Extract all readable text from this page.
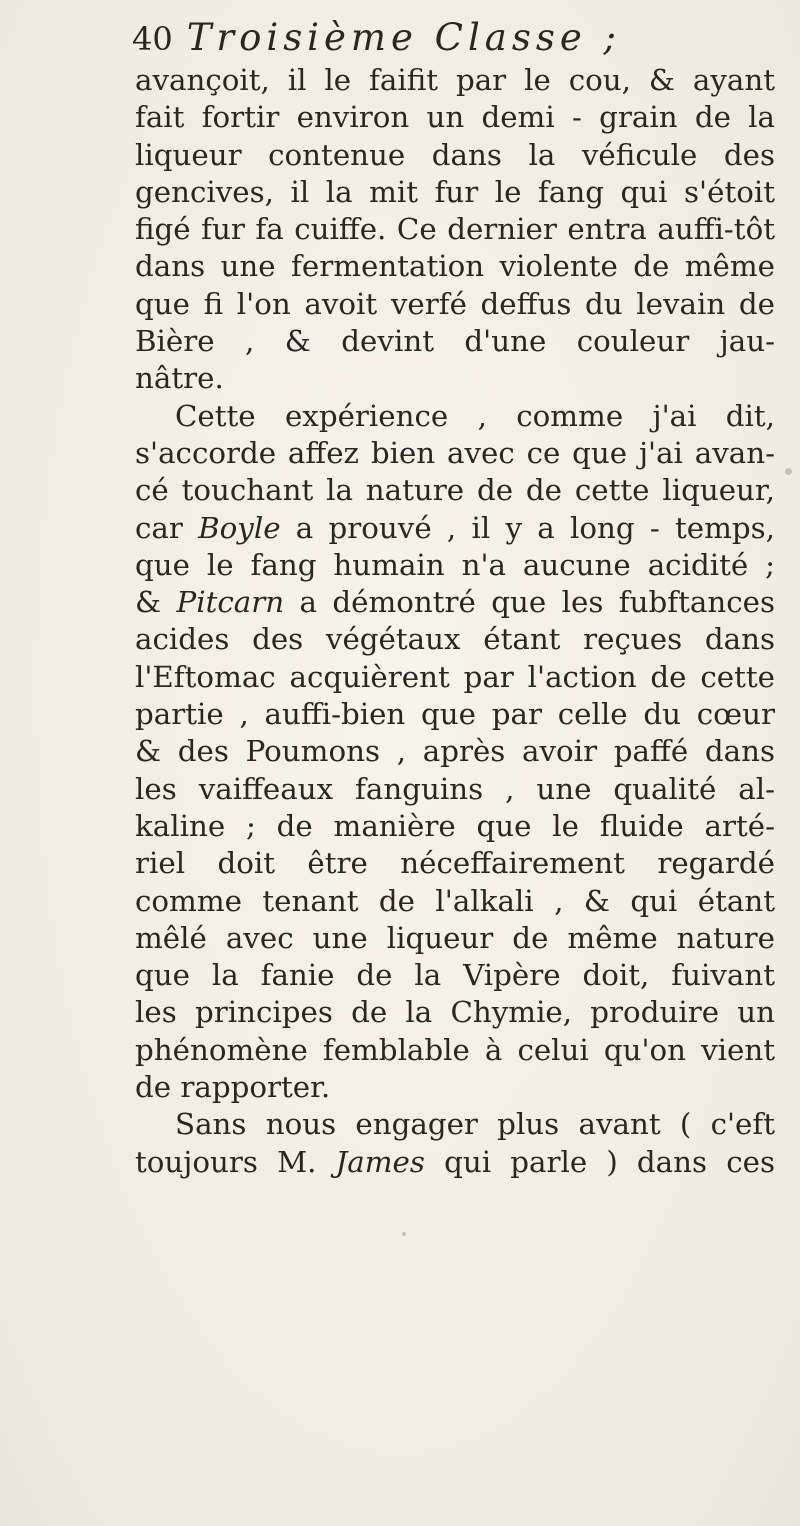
40 Troisième Classe ;
avançoit, il le faifit par le cou, & ayant
fait fortir environ un demi - grain de la
liqueur contenue dans la véficule des
gencives, il la mit fur le fang qui s'étoit
figé fur fa cuiffe. Ce dernier entra auffi-tôt
dans une fermentation violente de même
que fi l'on avoit verfé deffus du levain de
Bière , & devint d'une couleur jau-
nâtre.
Cette expérience , comme j'ai dit,
s'accorde affez bien avec ce que j'ai avan-
cé touchant la nature de de cette liqueur,
car Boyle a prouvé , il y a long - temps,
que le fang humain n'a aucune acidité ;
& Pitcarn a démontré que les fubftances
acides des végétaux étant reçues dans
l'Eftomac acquièrent par l'action de cette
partie , auffi-bien que par celle du cœur
& des Poumons , après avoir paffé dans
les vaiffeaux fanguins , une qualité al-
kaline ; de manière que le fluide arté-
riel doit être néceffairement regardé
comme tenant de l'alkali , & qui étant
mêlé avec une liqueur de même nature
que la fanie de la Vipère doit, fuivant
les principes de la Chymie, produire un
phénomène femblable à celui qu'on vient
de rapporter.
Sans nous engager plus avant ( c'eft
toujours M. James qui parle ) dans ces
